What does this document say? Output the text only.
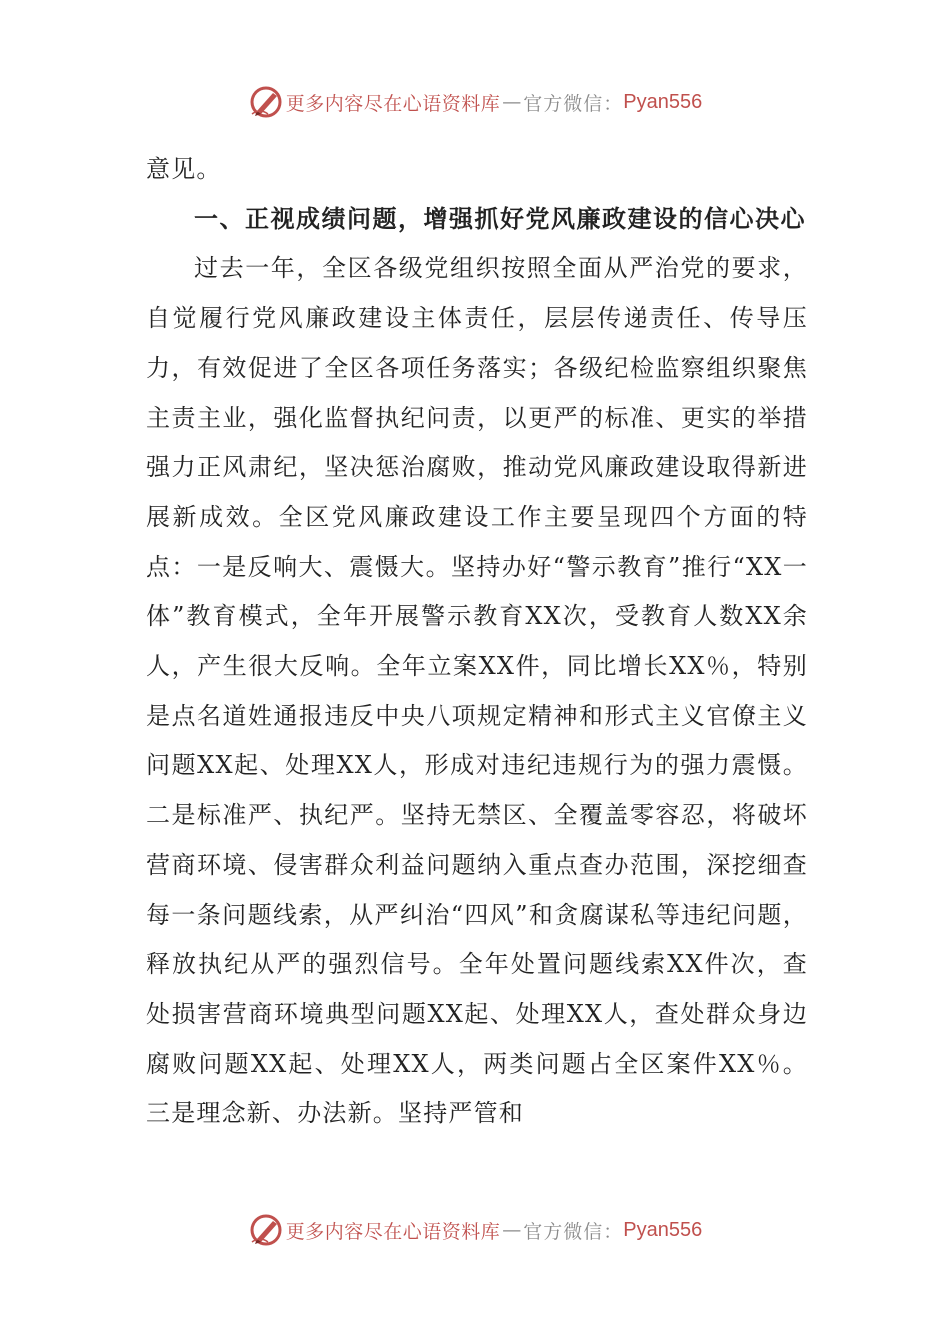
更多内容尽在心语资料库 — 官方微信： Pyan556

意见。

一、正视成绩问题，增强抓好党风廉政建设的信心决心

过去一年，全区各级党组织按照全面从严治党的要求，自觉履行党风廉政建设主体责任，层层传递责任、传导压力，有效促进了全区各项任务落实；各级纪检监察组织聚焦主责主业，强化监督执纪问责，以更严的标准、更实的举措强力正风肃纪，坚决惩治腐败，推动党风廉政建设取得新进展新成效。全区党风廉政建设工作主要呈现四个方面的特点：一是反响大、震慑大。坚持办好“警示教育”推行“XX一体”教育模式，全年开展警示教育XX次，受教育人数XX余人，产生很大反响。全年立案XX件，同比增长XX％，特别是点名道姓通报违反中央八项规定精神和形式主义官僚主义问题XX起、处理XX人，形成对违纪违规行为的强力震慑。二是标准严、执纪严。坚持无禁区、全覆盖零容忍，将破坏营商环境、侵害群众利益问题纳入重点查办范围，深挖细查每一条问题线索，从严纠治“四风”和贪腐谋私等违纪问题，释放执纪从严的强烈信号。全年处置问题线索XX件次，查处损害营商环境典型问题XX起、处理XX人，查处群众身边腐败问题XX起、处理XX人，两类问题占全区案件XX％。三是理念新、办法新。坚持严管和

更多内容尽在心语资料库 — 官方微信： Pyan556
